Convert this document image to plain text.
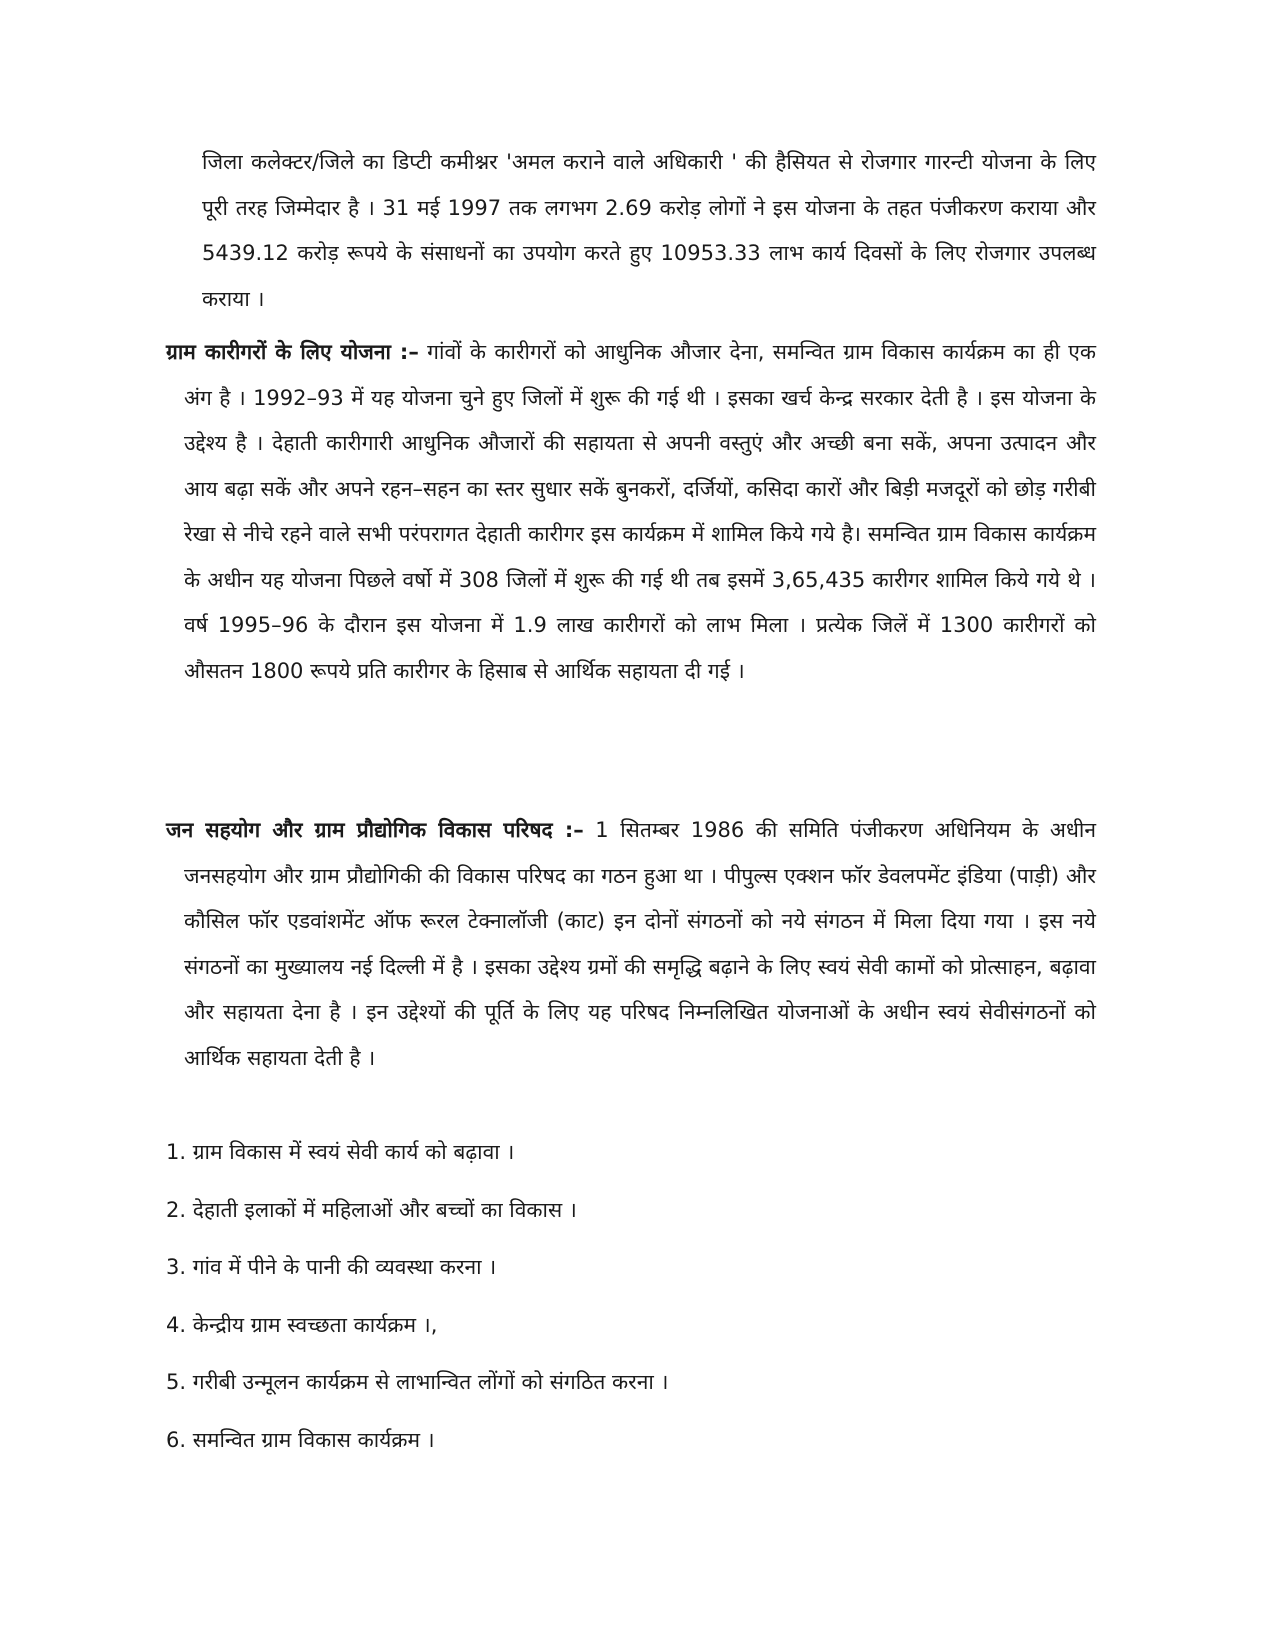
जिला कलेक्टर/जिले का डिप्टी कमीश्नर 'अमल कराने वाले अधिकारी ' की हैसियत से रोजगार गारन्टी योजना के लिए पूरी तरह जिम्मेदार है । 31 मई 1997 तक लगभग 2.69 करोड़ लोगों ने इस योजना के तहत पंजीकरण कराया और 5439.12 करोड़ रूपये के संसाधनों का उपयोग करते हुए 10953.33 लाभ कार्य दिवसों के लिए रोजगार उपलब्ध कराया ।

ग्राम कारीगरों के लिए योजना :– गांवों के कारीगरों को आधुनिक औजार देना, समन्वित ग्राम विकास कार्यक्रम का ही एक अंग है । 1992–93 में यह योजना चुने हुए जिलों में शुरू की गई थी । इसका खर्च केन्द्र सरकार देती है । इस योजना के उद्देश्य है । देहाती कारीगारी आधुनिक औजारों की सहायता से अपनी वस्तुएं और अच्छी बना सकें, अपना उत्पादन और आय बढ़ा सकें और अपने रहन–सहन का स्तर सुधार सकें बुनकरों, दर्जियों, कसिदा कारों और बिड़ी मजदूरों को छोड़ गरीबी रेखा से नीचे रहने वाले सभी परंपरागत देहाती कारीगर इस कार्यक्रम में शामिल किये गये है। समन्वित ग्राम विकास कार्यक्रम के अधीन यह योजना पिछले वर्षो में 308 जिलों में शुरू की गई थी तब इसमें 3,65,435 कारीगर शामिल किये गये थे । वर्ष 1995–96 के दौरान इस योजना में 1.9 लाख कारीगरों को लाभ मिला । प्रत्येक जिलें में 1300 कारीगरों को औसतन 1800 रूपये प्रति कारीगर के हिसाब से आर्थिक सहायता दी गई ।

जन सहयोग और ग्राम प्रौद्योगिक विकास परिषद :– 1 सितम्बर 1986 की समिति पंजीकरण अधिनियम के अधीन जनसहयोग और ग्राम प्रौद्योगिकी की विकास परिषद का गठन हुआ था । पीपुल्स एक्शन फॉर डेवलपमेंट इंडिया (पाड़ी) और कौसिल फॉर एडवांशमेंट ऑफ रूरल टेक्नालॉजी (काट) इन दोनों संगठनों को नये संगठन में मिला दिया गया । इस नये संगठनों का मुख्यालय नई दिल्ली में है । इसका उद्देश्य ग्रमों की समृद्धि बढ़ाने के लिए स्वयं सेवी कामों को प्रोत्साहन, बढ़ावा और सहायता देना है । इन उद्देश्यों की पूर्ति के लिए यह परिषद निम्नलिखित योजनाओं के अधीन स्वयं सेवीसंगठनों को आर्थिक सहायता देती है ।

1. ग्राम विकास में स्वयं सेवी कार्य को बढ़ावा ।
2. देहाती इलाकों में महिलाओं और बच्चों का विकास ।
3. गांव में पीने के पानी की व्यवस्था करना ।
4. केन्द्रीय ग्राम स्वच्छता कार्यक्रम ।,
5. गरीबी उन्मूलन कार्यक्रम से लाभान्वित लोंगों को संगठित करना ।
6. समन्वित ग्राम विकास कार्यक्रम ।
